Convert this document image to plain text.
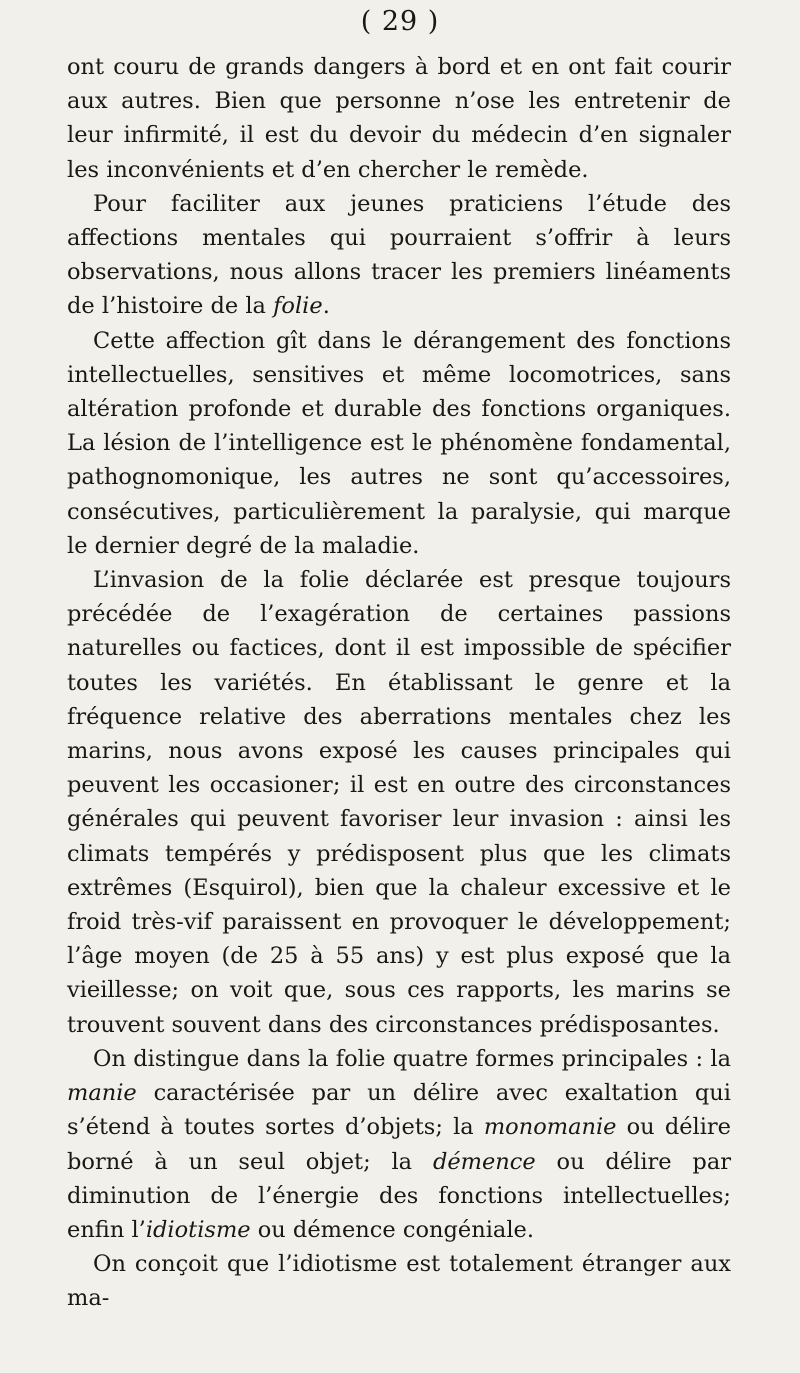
( 29 )

ont couru de grands dangers à bord et en ont fait courir aux autres. Bien que personne n’ose les entretenir de leur infirmité, il est du devoir du médecin d’en signaler les inconvénients et d’en chercher le remède.

Pour faciliter aux jeunes praticiens l’étude des affections mentales qui pourraient s’offrir à leurs observations, nous allons tracer les premiers linéaments de l’histoire de la folie.

Cette affection gît dans le dérangement des fonctions intellectuelles, sensitives et même locomotrices, sans altération profonde et durable des fonctions organiques. La lésion de l’intelligence est le phénomène fondamental, pathognomonique, les autres ne sont qu’accessoires, consécutives, particulièrement la paralysie, qui marque le dernier degré de la maladie.

L’invasion de la folie déclarée est presque toujours précédée de l’exagération de certaines passions naturelles ou factices, dont il est impossible de spécifier toutes les variétés. En établissant le genre et la fréquence relative des aberrations mentales chez les marins, nous avons exposé les causes principales qui peuvent les occasioner; il est en outre des circonstances générales qui peuvent favoriser leur invasion : ainsi les climats tempérés y prédisposent plus que les climats extrêmes (Esquirol), bien que la chaleur excessive et le froid très-vif paraissent en provoquer le développement; l’âge moyen (de 25 à 55 ans) y est plus exposé que la vieillesse; on voit que, sous ces rapports, les marins se trouvent souvent dans des circonstances prédisposantes.

On distingue dans la folie quatre formes principales : la manie caractérisée par un délire avec exaltation qui s’étend à toutes sortes d’objets; la monomanie ou délire borné à un seul objet; la démence ou délire par diminution de l’énergie des fonctions intellectuelles; enfin l’idiotisme ou démence congéniale.

On conçoit que l’idiotisme est totalement étranger aux ma-
